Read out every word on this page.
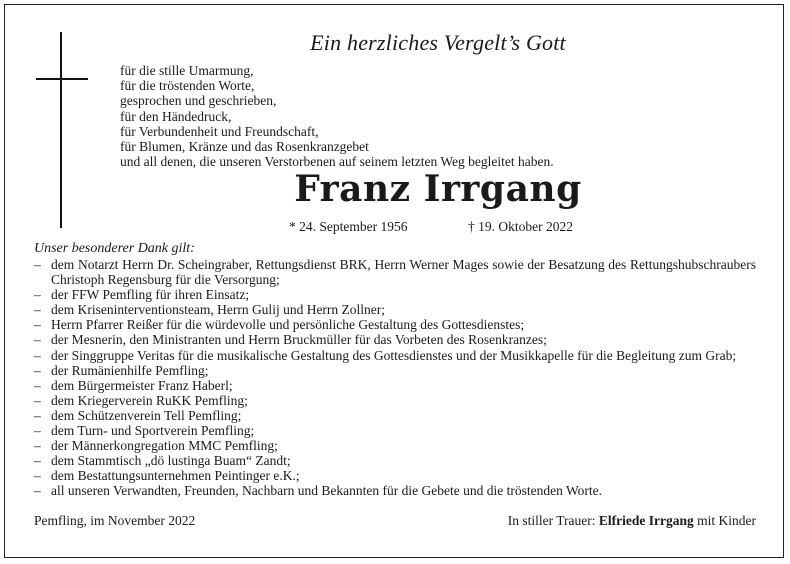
Ein herzliches Vergelt’s Gott
für die stille Umarmung,
für die tröstenden Worte,
gesprochen und geschrieben,
für den Händedruck,
für Verbundenheit und Freundschaft,
für Blumen, Kränze und das Rosenkranzgebet
und all denen, die unseren Verstorbenen auf seinem letzten Weg begleitet haben.
Franz Irrgang
* 24. September 1956	† 19. Oktober 2022
Unser besonderer Dank gilt:
– dem Notarzt Herrn Dr. Scheingraber, Rettungsdienst BRK, Herrn Werner Mages sowie der Besatzung des Rettungshubschraubers Christoph Regensburg für die Versorgung;
– der FFW Pemfling für ihren Einsatz;
– dem Kriseninterventionsteam, Herrn Gulij und Herrn Zollner;
– Herrn Pfarrer Reißer für die würdevolle und persönliche Gestaltung des Gottesdienstes;
– der Mesnerin, den Ministranten und Herrn Bruckmüller für das Vorbeten des Rosenkranzes;
– der Singgruppe Veritas für die musikalische Gestaltung des Gottesdienstes und der Musikkapelle für die Begleitung zum Grab;
– der Rumänienhilfe Pemfling;
– dem Bürgermeister Franz Haberl;
– dem Kriegerverein RuKK Pemfling;
– dem Schützenverein Tell Pemfling;
– dem Turn- und Sportverein Pemfling;
– der Männerkongregation MMC Pemfling;
– dem Stammtisch „dö lustinga Buam“ Zandt;
– dem Bestattungsunternehmen Peintinger e.K.;
– all unseren Verwandten, Freunden, Nachbarn und Bekannten für die Gebete und die tröstenden Worte.
Pemfling, im November 2022	In stiller Trauer: Elfriede Irrgang mit Kinder
